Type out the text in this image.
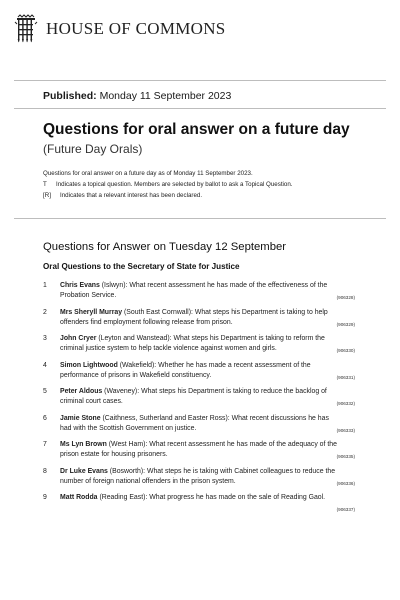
HOUSE OF COMMONS
Published: Monday 11 September 2023
Questions for oral answer on a future day
(Future Day Orals)
Questions for oral answer on a future day as of Monday 11 September 2023.
T	Indicates a topical question. Members are selected by ballot to ask a Topical Question.
[R]	Indicates that a relevant interest has been declared.
Questions for Answer on Tuesday 12 September
Oral Questions to the Secretary of State for Justice
1	Chris Evans (Islwyn): What recent assessment he has made of the effectiveness of the Probation Service.	(906328)
2	Mrs Sheryll Murray (South East Cornwall): What steps his Department is taking to help offenders find employment following release from prison.	(906329)
3	John Cryer (Leyton and Wanstead): What steps his Department is taking to reform the criminal justice system to help tackle violence against women and girls.	(906330)
4	Simon Lightwood (Wakefield): Whether he has made a recent assessment of the performance of prisons in Wakefield constituency.	(906331)
5	Peter Aldous (Waveney): What steps his Department is taking to reduce the backlog of criminal court cases.	(906332)
6	Jamie Stone (Caithness, Sutherland and Easter Ross): What recent discussions he has had with the Scottish Government on justice.	(906333)
7	Ms Lyn Brown (West Ham): What recent assessment he has made of the adequacy of the prison estate for housing prisoners.	(906335)
8	Dr Luke Evans (Bosworth): What steps he is taking with Cabinet colleagues to reduce the number of foreign national offenders in the prison system.	(906336)
9	Matt Rodda (Reading East): What progress he has made on the sale of Reading Gaol.
(906337)
